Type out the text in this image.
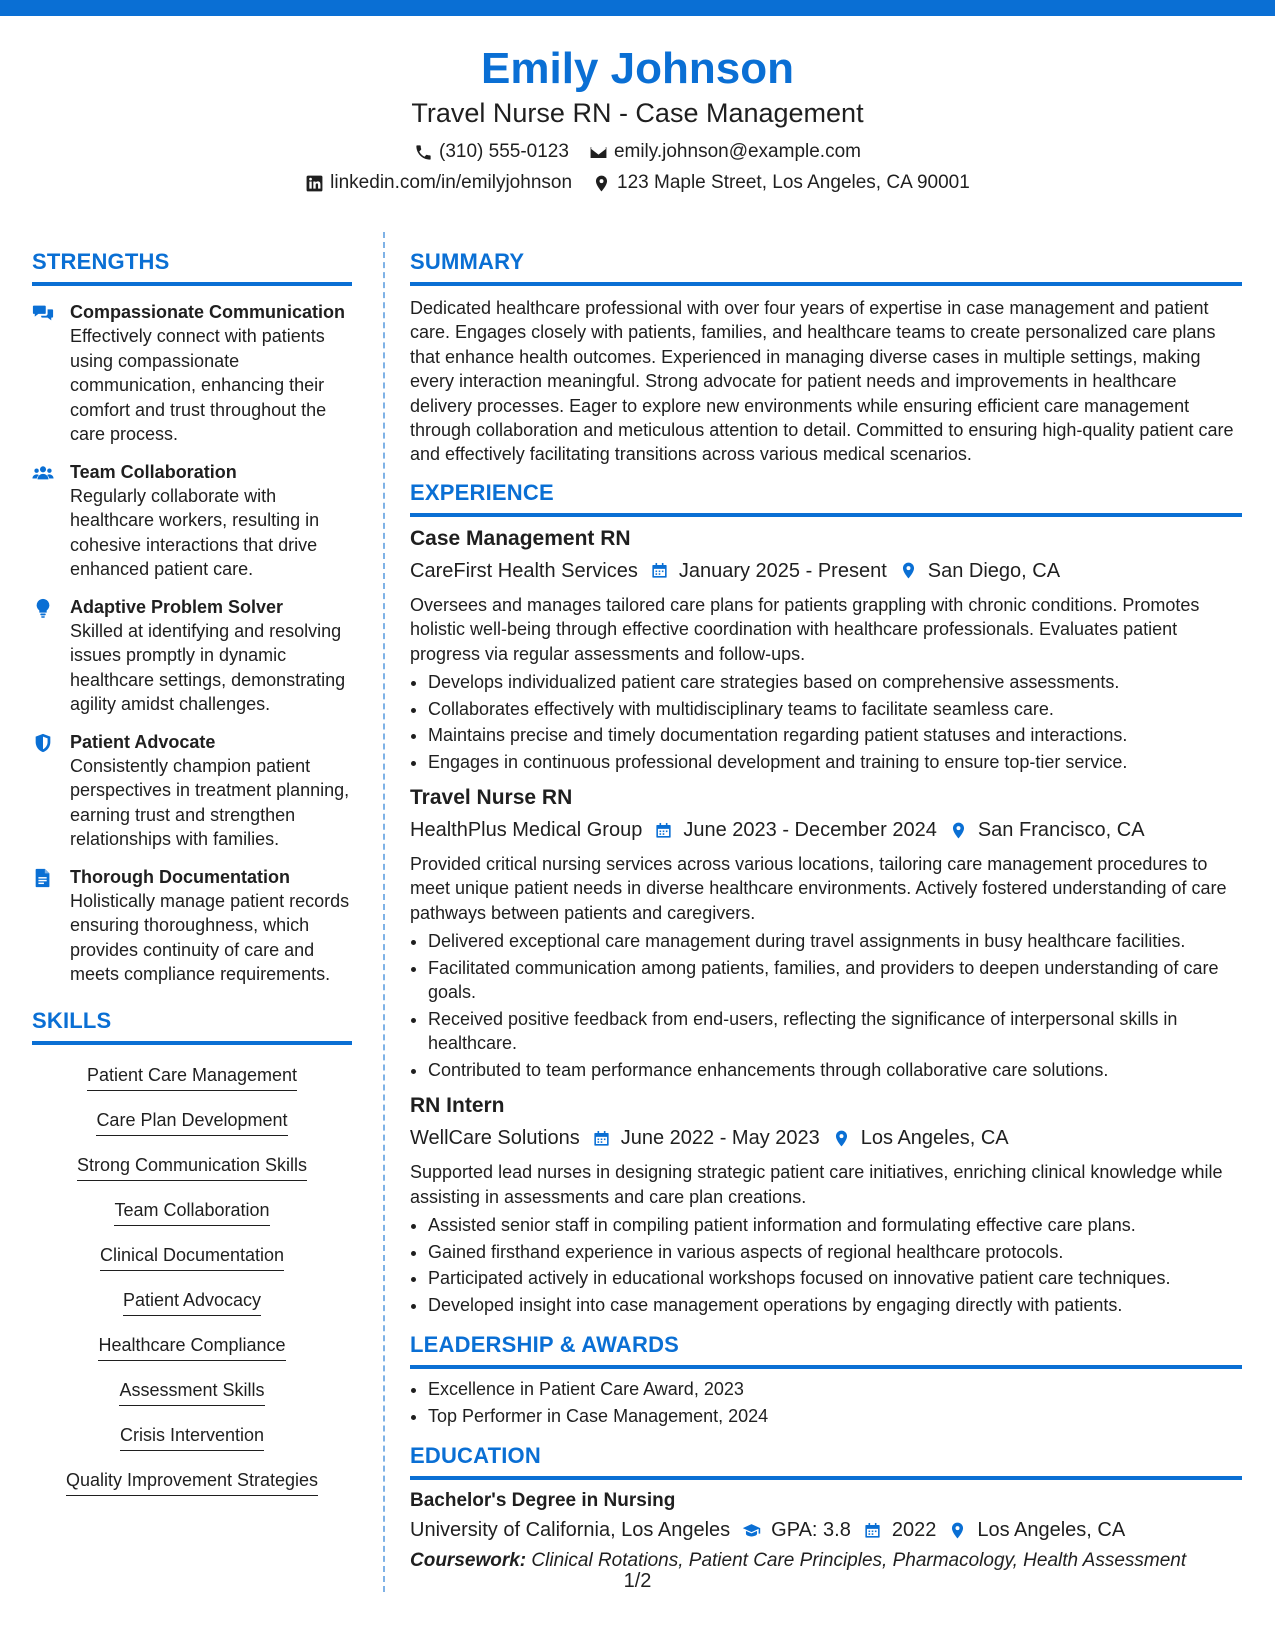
Emily Johnson
Travel Nurse RN - Case Management
(310) 555-0123 emily.johnson@example.com
linkedin.com/in/emilyjohnson 123 Maple Street, Los Angeles, CA 90001
STRENGTHS
Compassionate Communication
Effectively connect with patients using compassionate communication, enhancing their comfort and trust throughout the care process.
Team Collaboration
Regularly collaborate with healthcare workers, resulting in cohesive interactions that drive enhanced patient care.
Adaptive Problem Solver
Skilled at identifying and resolving issues promptly in dynamic healthcare settings, demonstrating agility amidst challenges.
Patient Advocate
Consistently champion patient perspectives in treatment planning, earning trust and strengthen relationships with families.
Thorough Documentation
Holistically manage patient records ensuring thoroughness, which provides continuity of care and meets compliance requirements.
SKILLS
Patient Care Management
Care Plan Development
Strong Communication Skills
Team Collaboration
Clinical Documentation
Patient Advocacy
Healthcare Compliance
Assessment Skills
Crisis Intervention
Quality Improvement Strategies
SUMMARY

Dedicated healthcare professional with over four years of expertise in case management and patient care. Engages closely with patients, families, and healthcare teams to create personalized care plans that enhance health outcomes. Experienced in managing diverse cases in multiple settings, making every interaction meaningful. Strong advocate for patient needs and improvements in healthcare delivery processes. Eager to explore new environments while ensuring efficient care management through collaboration and meticulous attention to detail. Committed to ensuring high-quality patient care and effectively facilitating transitions across various medical scenarios.

EXPERIENCE
Case Management RN
CareFirst Health Services January 2025 - Present San Diego, CA

Oversees and manages tailored care plans for patients grappling with chronic conditions. Promotes holistic well-being through effective coordination with healthcare professionals. Evaluates patient progress via regular assessments and follow-ups.

• Develops individualized patient care strategies based on comprehensive assessments.
• Collaborates effectively with multidisciplinary teams to facilitate seamless care.
• Maintains precise and timely documentation regarding patient statuses and interactions.
• Engages in continuous professional development and training to ensure top-tier service.
Travel Nurse RN
HealthPlus Medical Group June 2023 - December 2024 San Francisco, CA

Provided critical nursing services across various locations, tailoring care management procedures to meet unique patient needs in diverse healthcare environments. Actively fostered understanding of care pathways between patients and caregivers.

• Delivered exceptional care management during travel assignments in busy healthcare facilities.
• Facilitated communication among patients, families, and providers to deepen understanding of care goals.
• Received positive feedback from end-users, reflecting the significance of interpersonal skills in healthcare.
• Contributed to team performance enhancements through collaborative care solutions.
RN Intern
WellCare Solutions June 2022 - May 2023 Los Angeles, CA

Supported lead nurses in designing strategic patient care initiatives, enriching clinical knowledge while assisting in assessments and care plan creations.

• Assisted senior staff in compiling patient information and formulating effective care plans.
• Gained firsthand experience in various aspects of regional healthcare protocols.
• Participated actively in educational workshops focused on innovative patient care techniques.
• Developed insight into case management operations by engaging directly with patients.
LEADERSHIP & AWARDS
• Excellence in Patient Care Award, 2023
• Top Performer in Case Management, 2024
EDUCATION
Bachelor's Degree in Nursing
University of California, Los Angeles GPA: 3.8 2022 Los Angeles, CA
Coursework: Clinical Rotations, Patient Care Principles, Pharmacology, Health Assessment
1/2
